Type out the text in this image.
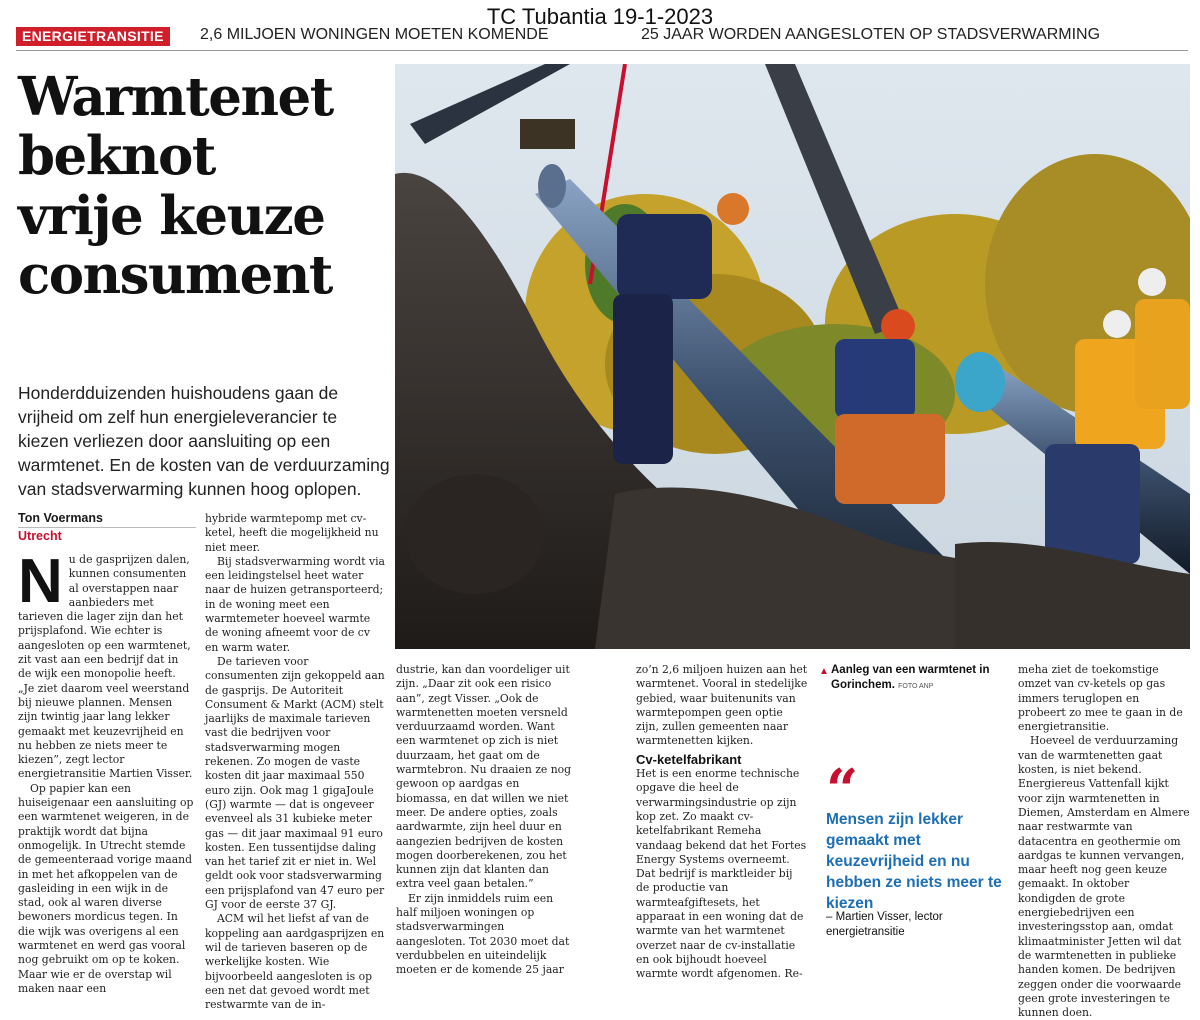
TC Tubantia 19-1-2023
ENERGIETRANSITIE	2,6 MILJOEN WONINGEN MOETEN KOMENDE	25 JAAR WORDEN AANGESLOTEN OP STADSVERWARMING
Warmtenet
beknot
vrije keuze
consument
Honderdduizenden huishoudens gaan de vrijheid om zelf hun energieleverancier te kiezen verliezen door aansluiting op een warmtenet. En de kosten van de verduurzaming van stadsverwarming kunnen hoog oplopen.
Ton Voermans
Utrecht

Nu de gasprijzen dalen, kunnen consumenten al overstappen naar aanbieders met tarieven die lager zijn dan het prijsplafond. Wie echter is aangesloten op een warmtenet, zit vast aan een bedrijf dat in de wijk een monopolie heeft. „Je ziet daarom veel weerstand bij nieuwe plannen. Mensen zijn twintig jaar lang lekker gemaakt met keuzevrijheid en nu hebben ze niets meer te kiezen”, zegt lector energietransitie Martien Visser.

Op papier kan een huiseigenaar een aansluiting op een warmtenet weigeren, in de praktijk wordt dat bijna onmogelijk. In Utrecht stemde de gemeenteraad vorige maand in met het afkoppelen van de gasleiding in een wijk in de stad, ook al waren diverse bewoners mordicus tegen. In die wijk was overigens al een warmtenet en werd gas vooral nog gebruikt om op te koken. Maar wie er de overstap wil maken naar een

hybride warmtepomp met cv-ketel, heeft die mogelijkheid nu niet meer.

Bij stadsverwarming wordt via een leidingstelsel heet water naar de huizen getransporteerd; in de woning meet een warmtemeter hoeveel warmte de woning afneemt voor de cv en warm water.

De tarieven voor consumenten zijn gekoppeld aan de gasprijs. De Autoriteit Consument & Markt (ACM) stelt jaarlijks de maximale tarieven vast die bedrijven voor stadsverwarming mogen rekenen. Zo mogen de vaste kosten dit jaar maximaal 550 euro zijn. Ook mag 1 gigaJoule (GJ) warmte — dat is ongeveer evenveel als 31 kubieke meter gas — dit jaar maximaal 91 euro kosten. Een tussentijdse daling van het tarief zit er niet in. Wel geldt ook voor stadsverwarming een prijsplafond van 47 euro per GJ voor de eerste 37 GJ.

ACM wil het liefst af van de koppeling aan aardgasprijzen en wil de tarieven baseren op de werkelijke kosten. Wie bijvoorbeeld aangesloten is op een net dat gevoed wordt met restwarmte van de in-

dustrie, kan dan voordeliger uit zijn. „Daar zit ook een risico aan”, zegt Visser. „Ook de warmtenetten moeten versneld verduurzaamd worden. Want een warmtenet op zich is niet duurzaam, het gaat om de warmtebron. Nu draaien ze nog gewoon op aardgas en biomassa, en dat willen we niet meer. De andere opties, zoals aardwarmte, zijn heel duur en aangezien bedrijven de kosten mogen doorberekenen, zou het kunnen zijn dat klanten dan extra veel gaan betalen.”

Er zijn inmiddels ruim een half miljoen woningen op stadsverwarmingen aangesloten. Tot 2030 moet dat verdubbelen en uiteindelijk moeten er de komende 25 jaar

zo’n 2,6 miljoen huizen aan het warmtenet. Vooral in stedelijke gebied, waar buitenunits van warmtepompen geen optie zijn, zullen gemeenten naar warmtenetten kijken.

Cv-ketelfabrikant

Het is een enorme technische opgave die heel de verwarmingsindustrie op zijn kop zet. Zo maakt cv-ketelfabrikant Remeha vandaag bekend dat het Fortes Energy Systems overneemt. Dat bedrijf is marktleider bij de productie van warmteafgiftesets, het apparaat in een woning dat de warmte van het warmtenet overzet naar de cv-installatie en ook bijhoudt hoeveel warmte wordt afgenomen. Re-

meha ziet de toekomstige omzet van cv-ketels op gas immers teruglopen en probeert zo mee te gaan in de energietransitie.

Hoeveel de verduurzaming van de warmtenetten gaat kosten, is niet bekend. Energiereus Vattenfall kijkt voor zijn warmtenetten in Diemen, Amsterdam en Almere naar restwarmte van datacentra en geothermie om aardgas te kunnen vervangen, maar heeft nog geen keuze gemaakt. In oktober kondigden de grote energiebedrijven een investeringsstop aan, omdat klimaatminister Jetten wil dat de warmtenetten in publieke handen komen. De bedrijven zeggen onder die voorwaarde geen grote investeringen te kunnen doen.

▲ Aanleg van een warmtenet in Gorinchem. FOTO ANP
“
Mensen zijn lekker gemaakt met keuzevrijheid en nu hebben ze niets meer te kiezen
– Martien Visser, lector energietransitie
